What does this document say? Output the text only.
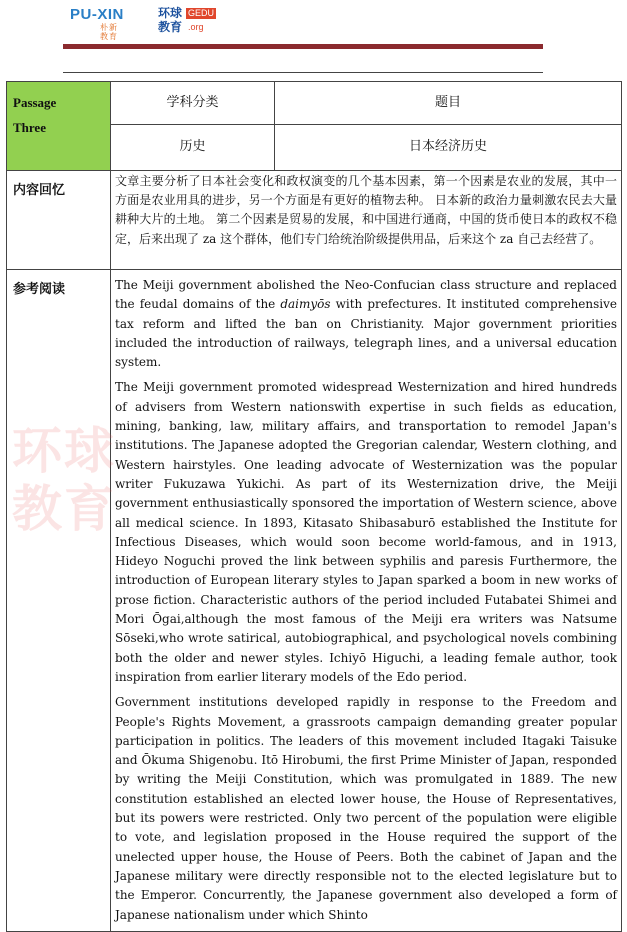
PU-XIN
朴新教育
环球
教育
GEDU
.org
Passage
Three	学科分类	题目
	历史	日本经济历史
内容回忆	文章主要分析了日本社会变化和政权演变的几个基本因素，第一个因素是农业的发展，其中一方面是农业用具的进步，另一个方面是有更好的植物去种。 日本新的政治力量刺激农民去大量耕种大片的土地。 第二个因素是贸易的发展，和中国进行通商，中国的货币使日本的政权不稳定，后来出现了 za 这个群体，他们专门给统治阶级提供用品，后来这个 za 自己去经营了。	
参考阅读	The Meiji government abolished the Neo-Confucian class structure and replaced the feudal domains of the daimyōs with prefectures. It instituted comprehensive tax reform and lifted the ban on Christianity. Major government priorities included the introduction of railways, telegraph lines, and a universal education system.

The Meiji government promoted widespread Westernization and hired hundreds of advisers from Western nationswith expertise in such fields as education, mining, banking, law, military affairs, and transportation to remodel Japan's institutions. The Japanese adopted the Gregorian calendar, Western clothing, and Western hairstyles. One leading advocate of Westernization was the popular writer Fukuzawa Yukichi. As part of its Westernization drive, the Meiji government enthusiastically sponsored the importation of Western science, above all medical science. In 1893, Kitasato Shibasaburō established the Institute for Infectious Diseases, which would soon become world-famous, and in 1913, Hideyo Noguchi proved the link between syphilis and paresis Furthermore, the introduction of European literary styles to Japan sparked a boom in new works of prose fiction. Characteristic authors of the period included Futabatei Shimei and Mori Ōgai,although the most famous of the Meiji era writers was Natsume Sōseki,who wrote satirical, autobiographical, and psychological novels combining both the older and newer styles. Ichiyō Higuchi, a leading female author, took inspiration from earlier literary models of the Edo period.

Government institutions developed rapidly in response to the Freedom and People's Rights Movement, a grassroots campaign demanding greater popular participation in politics. The leaders of this movement included Itagaki Taisuke and Ōkuma Shigenobu. Itō Hirobumi, the first Prime Minister of Japan, responded by writing the Meiji Constitution, which was promulgated in 1889. The new constitution established an elected lower house, the House of Representatives, but its powers were restricted. Only two percent of the population were eligible to vote, and legislation proposed in the House required the support of the unelected upper house, the House of Peers. Both the cabinet of Japan and the Japanese military were directly responsible not to the elected legislature but to the Emperor. Concurrently, the Japanese government also developed a form of Japanese nationalism under which Shinto	

环球教育
